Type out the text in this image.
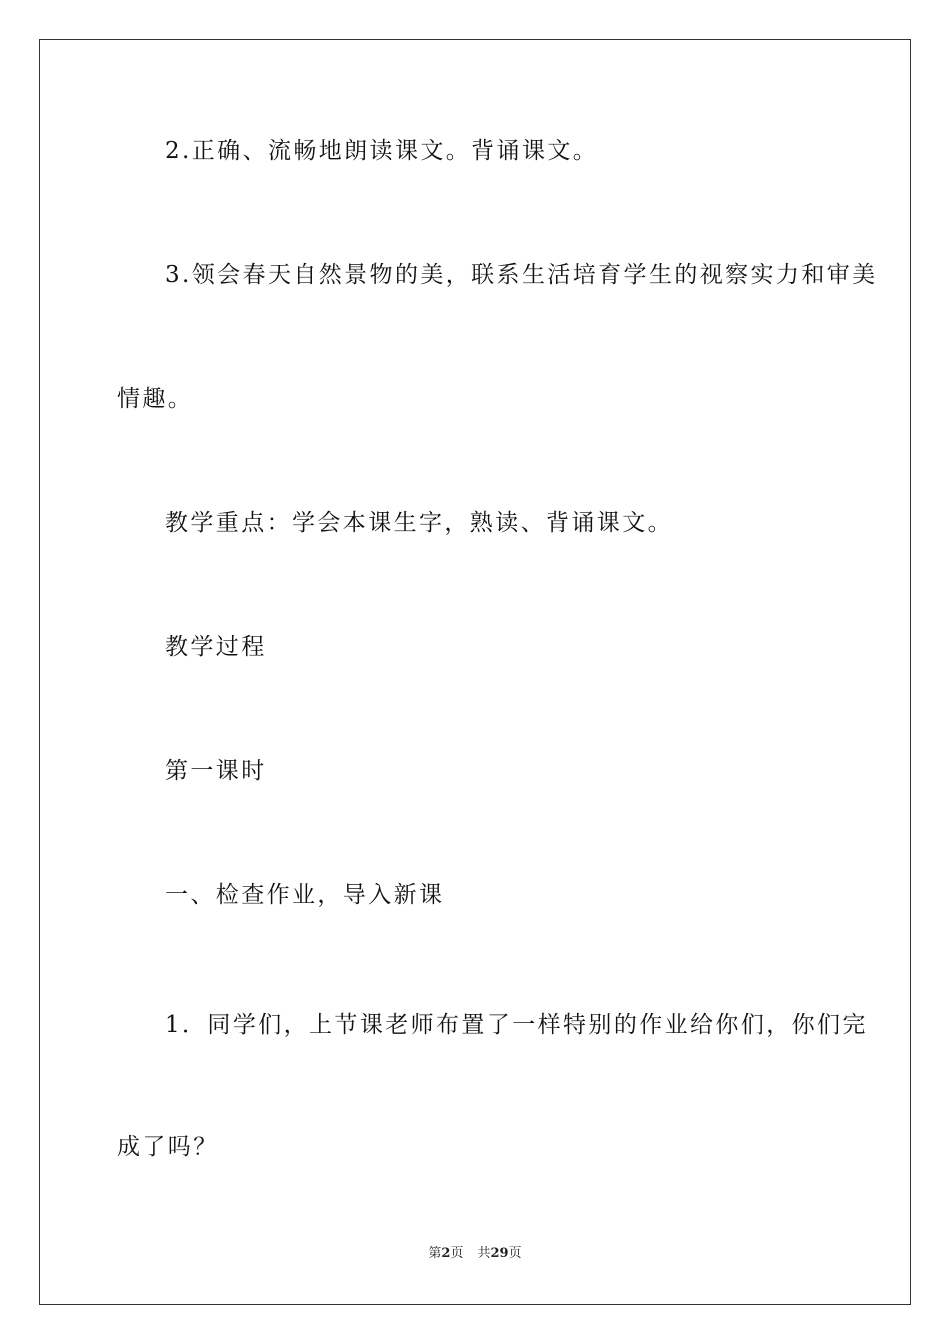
2.正确、流畅地朗读课文。背诵课文。
3.领会春天自然景物的美，联系生活培育学生的视察实力和审美
情趣。
教学重点：学会本课生字，熟读、背诵课文。
教学过程
第一课时
一、检查作业，导入新课
1．同学们，上节课老师布置了一样特别的作业给你们，你们完
成了吗？
第2页 共29页
